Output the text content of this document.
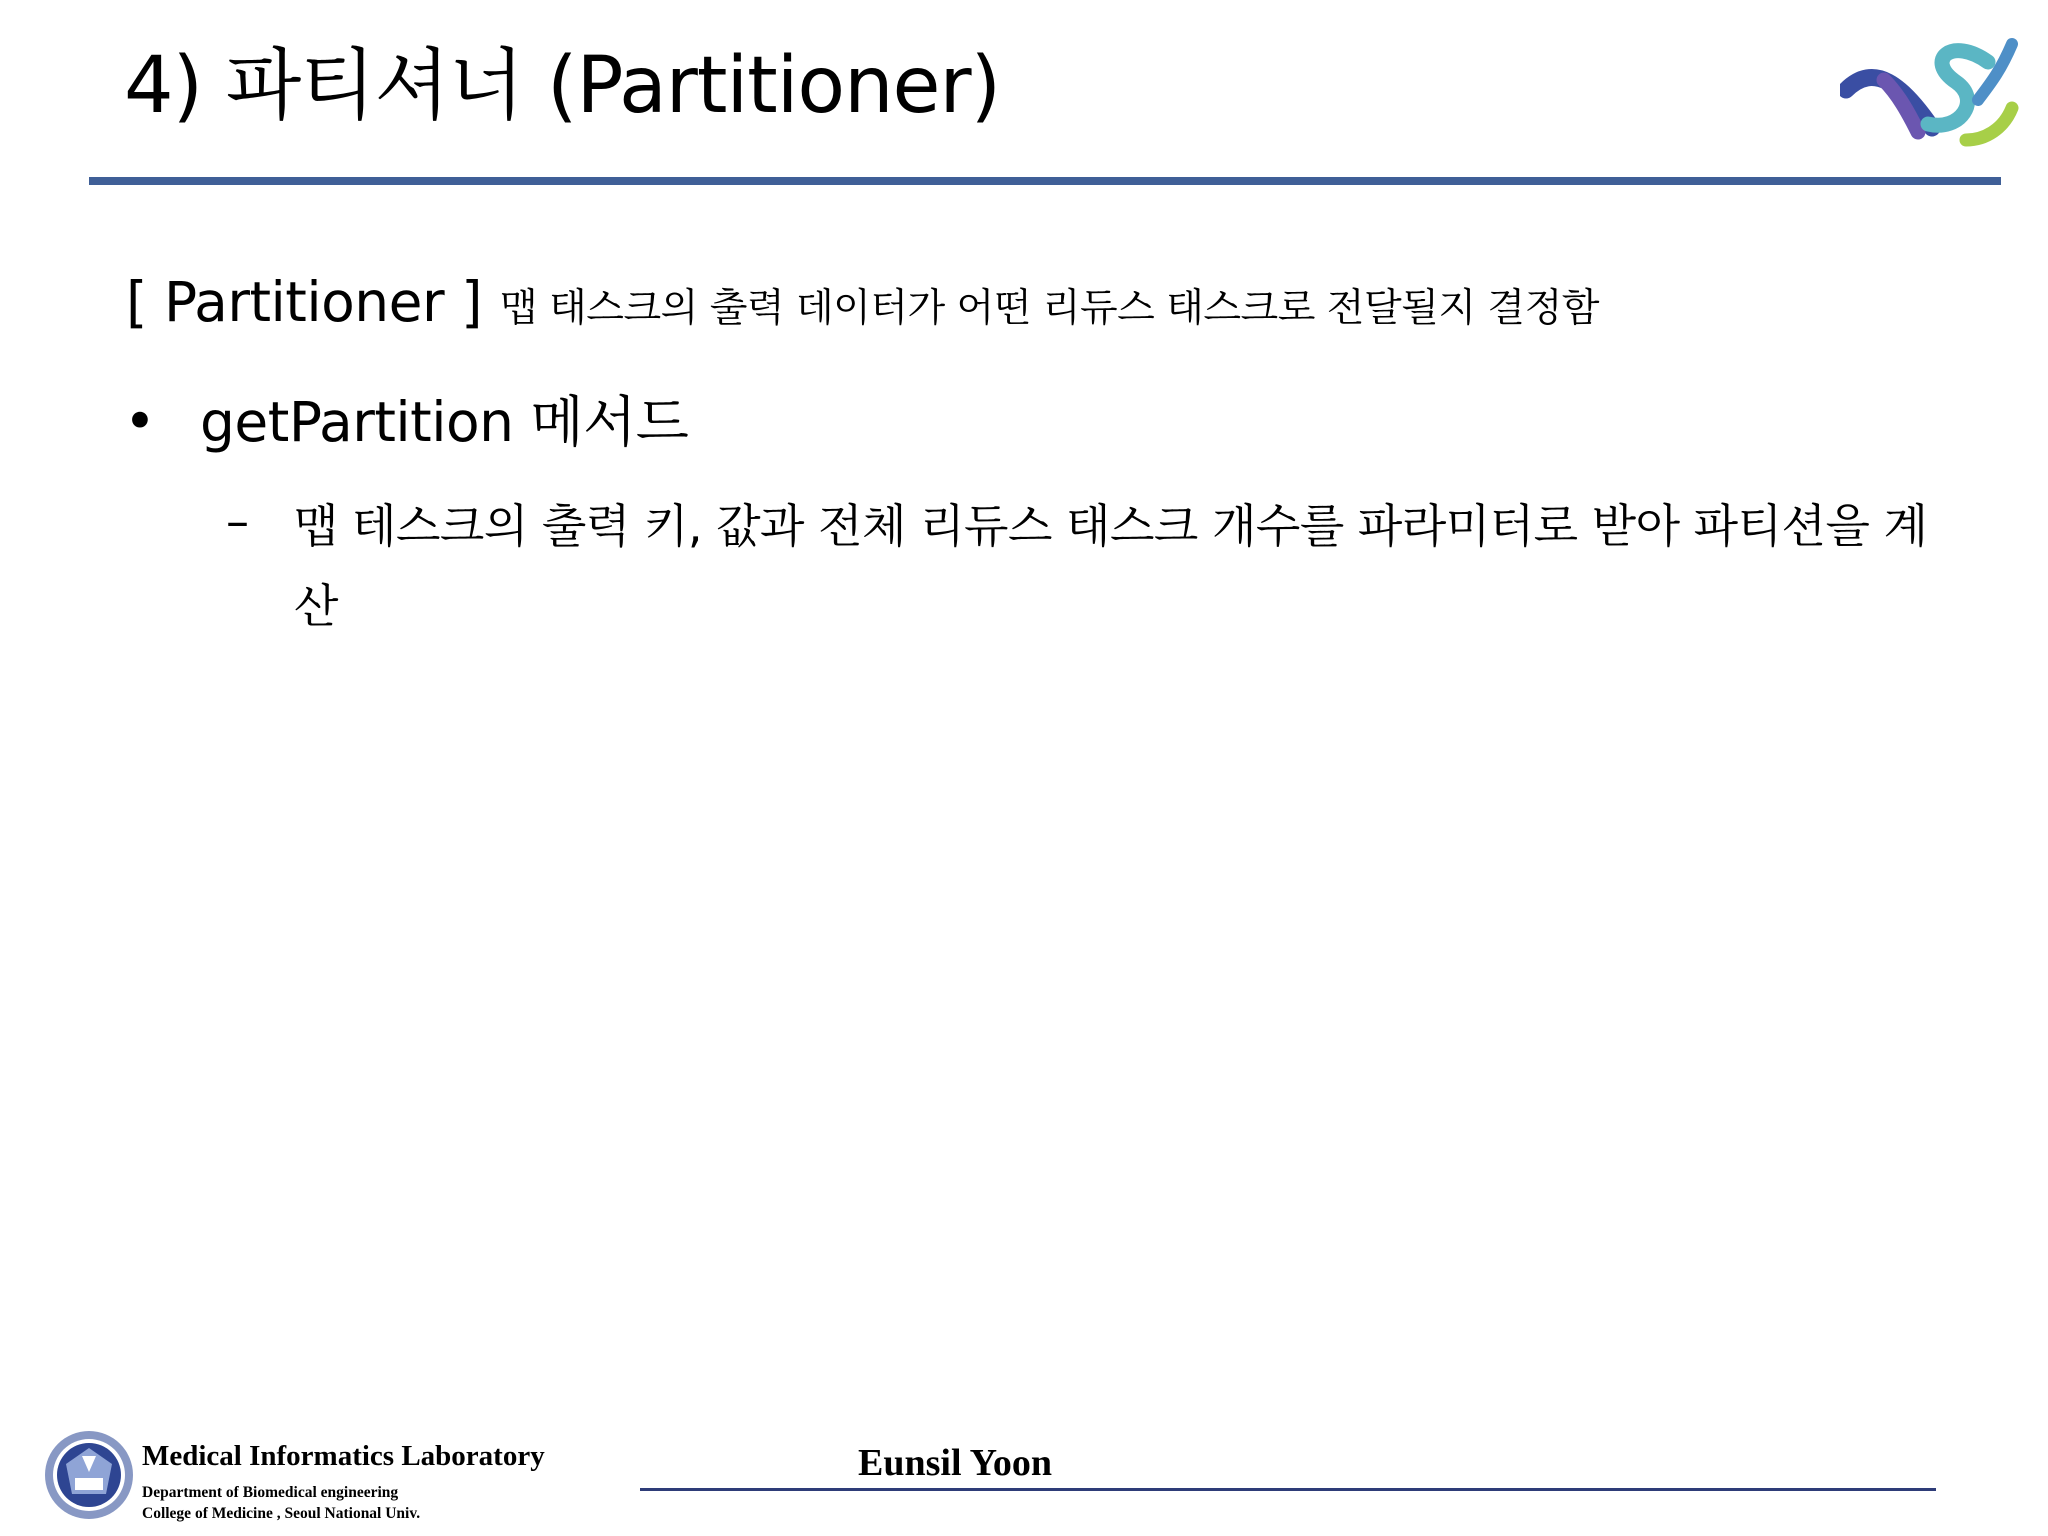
4) 파티셔너 (Partitioner)
[ Partitioner ] 맵 태스크의 출력 데이터가 어떤 리듀스 태스크로 전달될지 결정함
• getPartition 메서드
– 맵 테스크의 출력 키, 값과 전체 리듀스 태스크 개수를 파라미터로 받아 파티션을 계산
Medical Informatics Laboratory
Department of Biomedical engineering
College of Medicine , Seoul National Univ.
Eunsil Yoon
